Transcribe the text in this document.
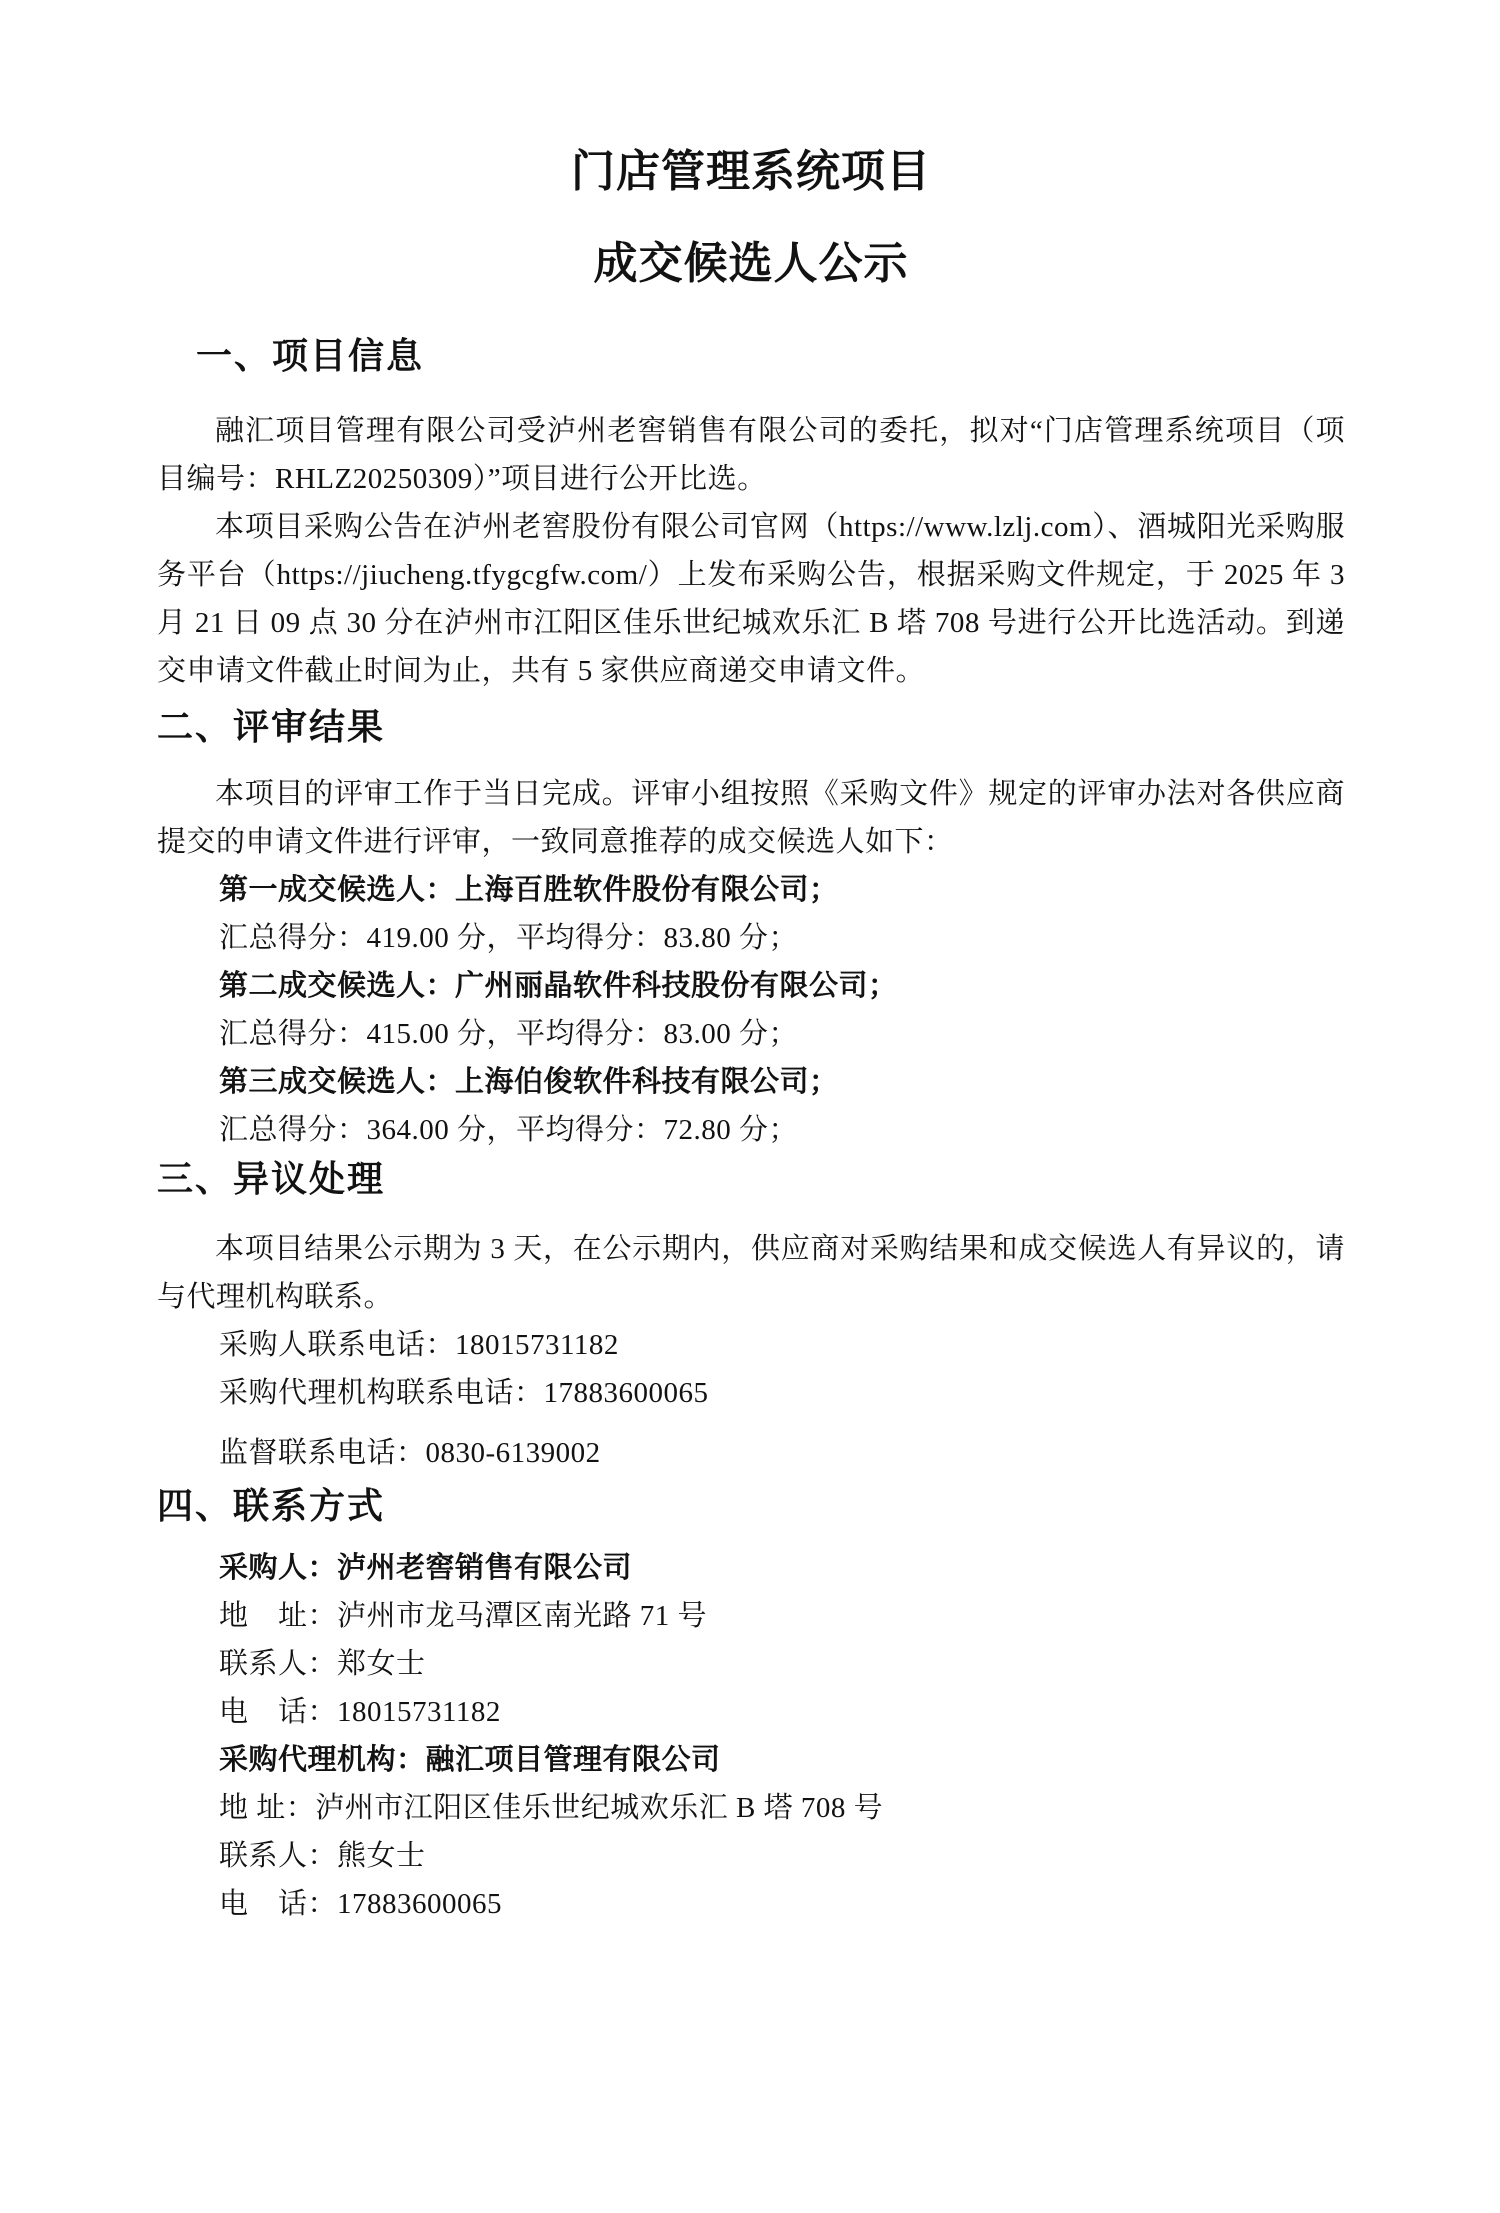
门店管理系统项目
成交候选人公示
一、项目信息
融汇项目管理有限公司受泸州老窖销售有限公司的委托，拟对“门店管理系统项目（项目编号：RHLZ20250309）”项目进行公开比选。
本项目采购公告在泸州老窖股份有限公司官网（https://www.lzlj.com）、酒城阳光采购服务平台（https://jiucheng.tfygcgfw.com/）上发布采购公告，根据采购文件规定，于 2025 年 3 月 21 日 09 点 30 分在泸州市江阳区佳乐世纪城欢乐汇 B 塔 708 号进行公开比选活动。到递交申请文件截止时间为止，共有 5 家供应商递交申请文件。
二、评审结果
本项目的评审工作于当日完成。评审小组按照《采购文件》规定的评审办法对各供应商提交的申请文件进行评审，一致同意推荐的成交候选人如下：
第一成交候选人：上海百胜软件股份有限公司；
汇总得分：419.00 分，平均得分：83.80 分；
第二成交候选人：广州丽晶软件科技股份有限公司；
汇总得分：415.00 分，平均得分：83.00 分；
第三成交候选人：上海伯俊软件科技有限公司；
汇总得分：364.00 分，平均得分：72.80 分；
三、异议处理
本项目结果公示期为 3 天，在公示期内，供应商对采购结果和成交候选人有异议的，请与代理机构联系。
采购人联系电话：18015731182
采购代理机构联系电话：17883600065
监督联系电话：0830-6139002
四、联系方式
采购人：泸州老窖销售有限公司
地　址：泸州市龙马潭区南光路 71 号
联系人：郑女士
电　话：18015731182
采购代理机构：融汇项目管理有限公司
地 址：泸州市江阳区佳乐世纪城欢乐汇 B 塔 708 号
联系人：熊女士
电　话：17883600065
